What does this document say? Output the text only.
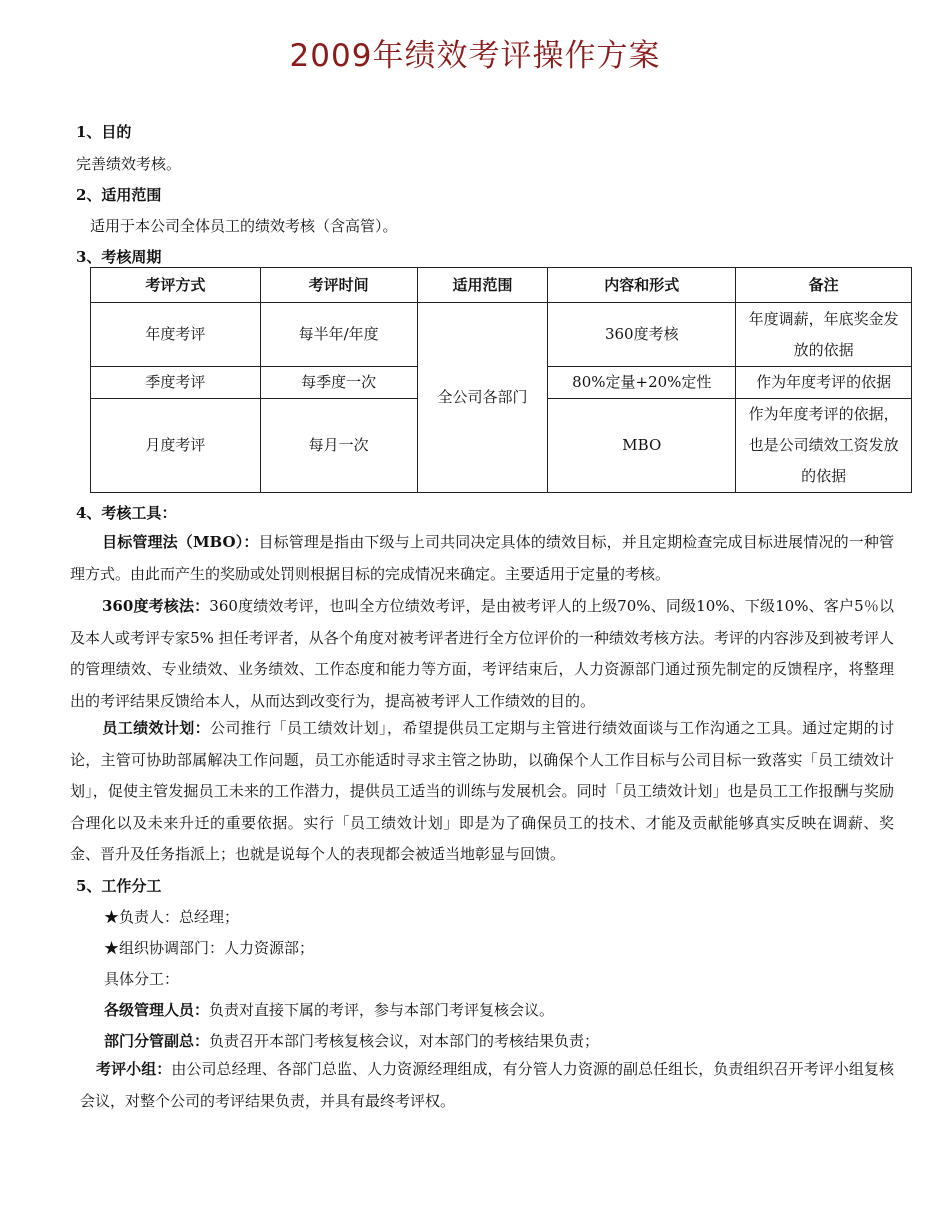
2009年绩效考评操作方案
1、目的
完善绩效考核。
2、适用范围
适用于本公司全体员工的绩效考核（含高管）。
3、考核周期
考评方式	考评时间	适用范围	内容和形式	备注
年度考评	每半年/年度	全公司各部门	360度考核	年度调薪，年底奖金发放的依据
季度考评	每季度一次		80%定量+20%定性	作为年度考评的依据
月度考评	每月一次		MBO	作为年度考评的依据，也是公司绩效工资发放的依据
4、考核工具：
目标管理法（MBO）：目标管理是指由下级与上司共同决定具体的绩效目标，并且定期检查完成目标进展情况的一种管理方式。由此而产生的奖励或处罚则根据目标的完成情况来确定。主要适用于定量的考核。
360度考核法：360度绩效考评，也叫全方位绩效考评，是由被考评人的上级70%、同级10%、下级10%、客户5％以及本人或考评专家5% 担任考评者，从各个角度对被考评者进行全方位评价的一种绩效考核方法。考评的内容涉及到被考评人的管理绩效、专业绩效、业务绩效、工作态度和能力等方面，考评结束后，人力资源部门通过预先制定的反馈程序，将整理出的考评结果反馈给本人，从而达到改变行为，提高被考评人工作绩效的目的。
员工绩效计划：公司推行「员工绩效计划」，希望提供员工定期与主管进行绩效面谈与工作沟通之工具。通过定期的讨论，主管可协助部属解决工作问题，员工亦能适时寻求主管之协助，以确保个人工作目标与公司目标一致落实「员工绩效计划」，促使主管发掘员工未来的工作潜力，提供员工适当的训练与发展机会。同时「员工绩效计划」也是员工工作报酬与奖励合理化以及未来升迁的重要依据。实行「员工绩效计划」即是为了确保员工的技术、才能及贡献能够真实反映在调薪、奖金、晋升及任务指派上；也就是说每个人的表现都会被适当地彰显与回馈。
5、工作分工
★负责人：总经理；
★组织协调部门：人力资源部；
具体分工：
各级管理人员：负责对直接下属的考评，参与本部门考评复核会议。
部门分管副总：负责召开本部门考核复核会议，对本部门的考核结果负责；
考评小组：由公司总经理、各部门总监、人力资源经理组成，有分管人力资源的副总任组长，负责组织召开考评小组复核会议，对整个公司的考评结果负责，并具有最终考评权。
